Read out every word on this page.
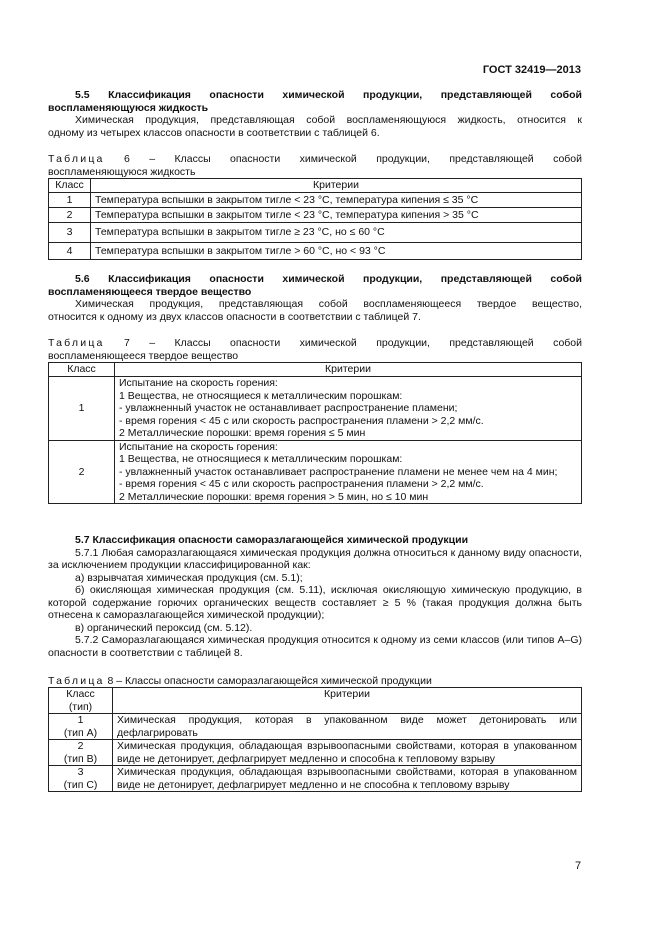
ГОСТ 32419—2013
5.5 Классификация опасности химической продукции, представляющей собой
воспламеняющуюся жидкость
Химическая продукция, представляющая собой воспламеняющуюся жидкость, относится к
одному из четырех классов опасности в соответствии с таблицей 6.
Таблица 6 – Классы опасности химической продукции, представляющей собой
воспламеняющуюся жидкость
Класс	Критерии
1	Температура вспышки в закрытом тигле < 23 °С, температура кипения ≤ 35 °С
2	Температура вспышки в закрытом тигле < 23 °С, температура кипения > 35 °С
3	Температура вспышки в закрытом тигле ≥ 23 °С, но ≤ 60 °С
4	Температура вспышки в закрытом тигле > 60 °С, но < 93 °С
5.6 Классификация опасности химической продукции, представляющей собой
воспламеняющееся твердое вещество
Химическая продукция, представляющая собой воспламеняющееся твердое вещество,
относится к одному из двух классов опасности в соответствии с таблицей 7.
Таблица 7 – Классы опасности химической продукции, представляющей собой
воспламеняющееся твердое вещество
Класс	Критерии
1	Испытание на скорость горения:
1 Вещества, не относящиеся к металлическим порошкам:
- увлажненный участок не останавливает распространение пламени;
- время горения < 45 с или скорость распространения пламени > 2,2 мм/с.
2 Металлические порошки: время горения ≤ 5 мин

2	Испытание на скорость горения:
1 Вещества, не относящиеся к металлическим порошкам:
- увлажненный участок останавливает распространение пламени не менее чем на 4 мин;
- время горения < 45 с или скорость распространения пламени > 2,2 мм/с.
2 Металлические порошки: время горения > 5 мин, но ≤ 10 мин
5.7 Классификация опасности саморазлагающейся химической продукции
5.7.1 Любая саморазлагающаяся химическая продукция должна относиться к данному виду опасности, за исключением продукции классифицированной как:
а) взрывчатая химическая продукция (см. 5.1);
б) окисляющая химическая продукция (см. 5.11), исключая окисляющую химическую продукцию, в которой содержание горючих органических веществ составляет ≥ 5 % (такая продукция должна быть отнесена к саморазлагающейся химической продукции);
в) органический пероксид (см. 5.12).
5.7.2 Саморазлагающаяся химическая продукция относится к одному из семи классов (или типов A–G) опасности в соответствии с таблицей 8.
Таблица 8 – Классы опасности саморазлагающейся химической продукции
Класс (тип)	Критерии

1
(тип A)	Химическая продукция, которая в упакованном виде может детонировать или дефлагрировать

2
(тип B)	Химическая продукция, обладающая взрывоопасными свойствами, которая в упакованном виде не детонирует, дефлагрирует медленно и способна к тепловому взрыву

3
(тип C)	Химическая продукция, обладающая взрывоопасными свойствами, которая в упакованном виде не детонирует, дефлагрирует медленно и не способна к тепловому взрыву
7
